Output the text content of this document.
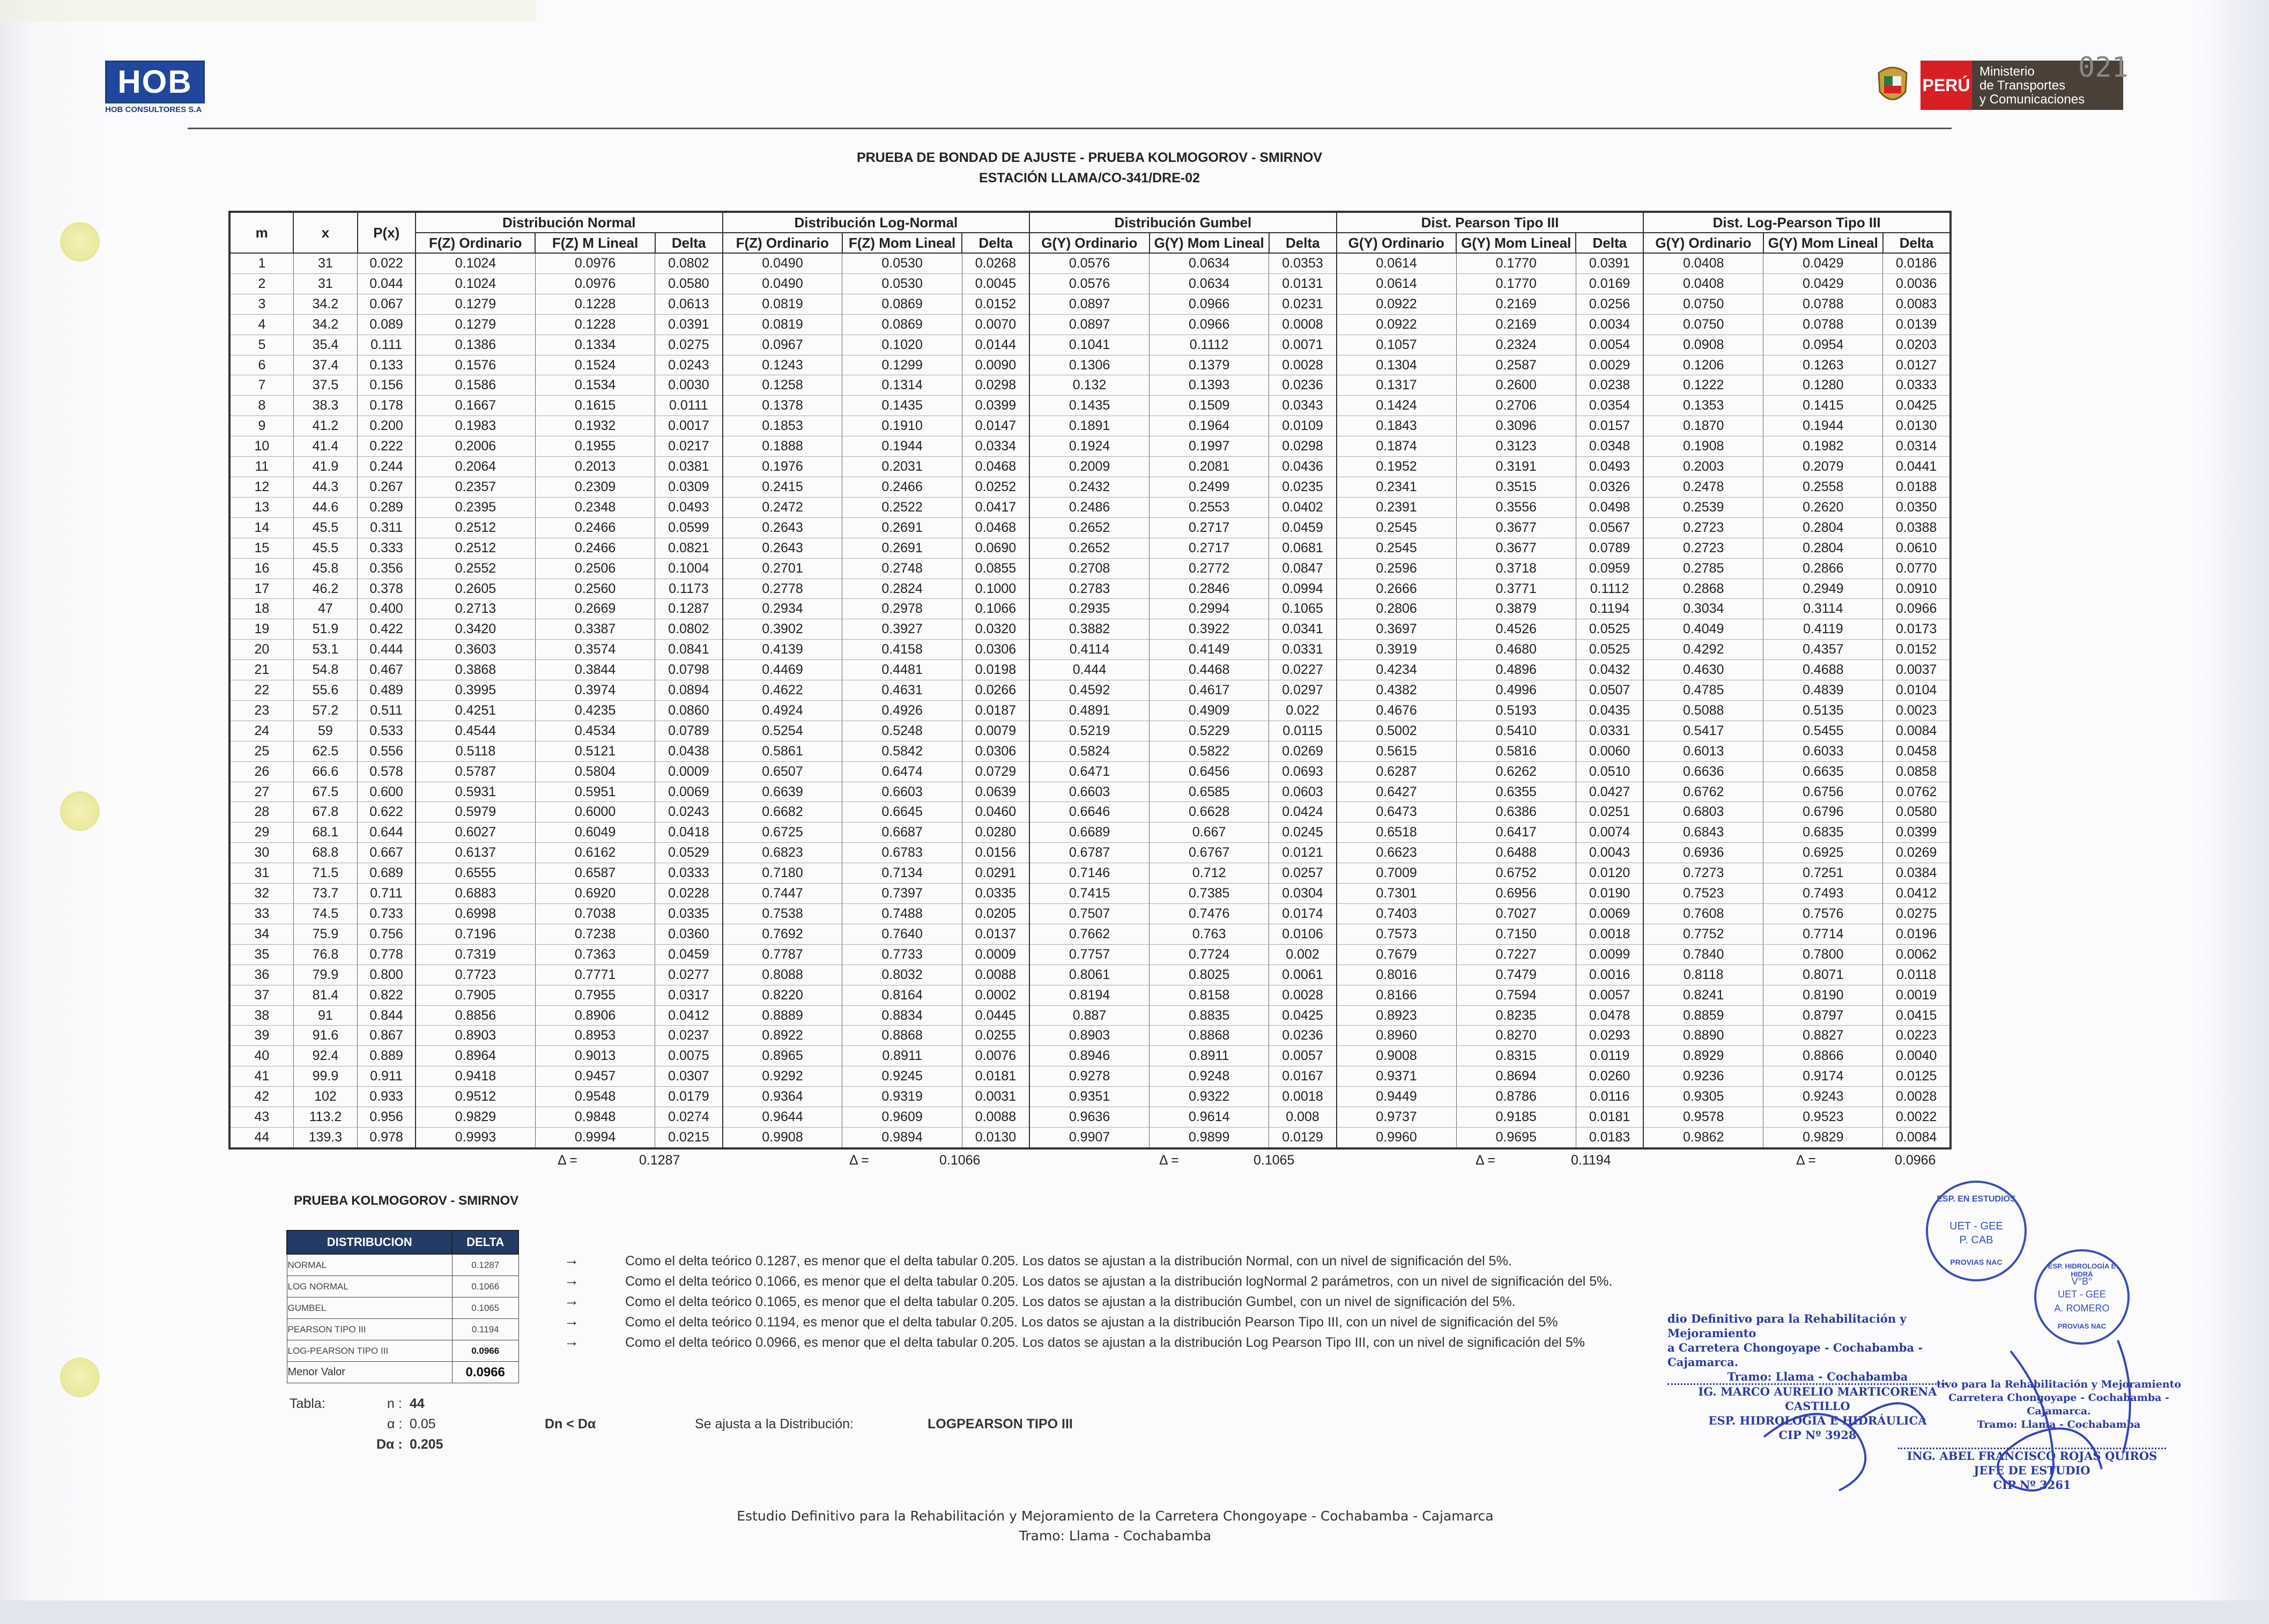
HOB
HOB CONSULTORES S.A
PERÚ
Ministerio
de Transportes
y Comunicaciones
021
PRUEBA DE BONDAD DE AJUSTE - PRUEBA KOLMOGOROV - SMIRNOV
ESTACIÓN LLAMA/CO-341/DRE-02
m	x	P(x)	Distribución Normal			Distribución Log-Normal			Distribución Gumbel			Dist. Pearson Tipo III			Dist. Log-Pearson Tipo III		
			F(Z) Ordinario	F(Z) M Lineal	Delta	F(Z) Ordinario	F(Z) Mom Lineal	Delta	G(Y) Ordinario	G(Y) Mom Lineal	Delta	G(Y) Ordinario	G(Y) Mom Lineal	Delta	G(Y) Ordinario	G(Y) Mom Lineal	Delta
1	31	0.022	0.1024	0.0976	0.0802	0.0490	0.0530	0.0268	0.0576	0.0634	0.0353	0.0614	0.1770	0.0391	0.0408	0.0429	0.0186
2	31	0.044	0.1024	0.0976	0.0580	0.0490	0.0530	0.0045	0.0576	0.0634	0.0131	0.0614	0.1770	0.0169	0.0408	0.0429	0.0036
3	34.2	0.067	0.1279	0.1228	0.0613	0.0819	0.0869	0.0152	0.0897	0.0966	0.0231	0.0922	0.2169	0.0256	0.0750	0.0788	0.0083
4	34.2	0.089	0.1279	0.1228	0.0391	0.0819	0.0869	0.0070	0.0897	0.0966	0.0008	0.0922	0.2169	0.0034	0.0750	0.0788	0.0139
5	35.4	0.111	0.1386	0.1334	0.0275	0.0967	0.1020	0.0144	0.1041	0.1112	0.0071	0.1057	0.2324	0.0054	0.0908	0.0954	0.0203
6	37.4	0.133	0.1576	0.1524	0.0243	0.1243	0.1299	0.0090	0.1306	0.1379	0.0028	0.1304	0.2587	0.0029	0.1206	0.1263	0.0127
7	37.5	0.156	0.1586	0.1534	0.0030	0.1258	0.1314	0.0298	0.132	0.1393	0.0236	0.1317	0.2600	0.0238	0.1222	0.1280	0.0333
8	38.3	0.178	0.1667	0.1615	0.0111	0.1378	0.1435	0.0399	0.1435	0.1509	0.0343	0.1424	0.2706	0.0354	0.1353	0.1415	0.0425
9	41.2	0.200	0.1983	0.1932	0.0017	0.1853	0.1910	0.0147	0.1891	0.1964	0.0109	0.1843	0.3096	0.0157	0.1870	0.1944	0.0130
10	41.4	0.222	0.2006	0.1955	0.0217	0.1888	0.1944	0.0334	0.1924	0.1997	0.0298	0.1874	0.3123	0.0348	0.1908	0.1982	0.0314
11	41.9	0.244	0.2064	0.2013	0.0381	0.1976	0.2031	0.0468	0.2009	0.2081	0.0436	0.1952	0.3191	0.0493	0.2003	0.2079	0.0441
12	44.3	0.267	0.2357	0.2309	0.0309	0.2415	0.2466	0.0252	0.2432	0.2499	0.0235	0.2341	0.3515	0.0326	0.2478	0.2558	0.0188
13	44.6	0.289	0.2395	0.2348	0.0493	0.2472	0.2522	0.0417	0.2486	0.2553	0.0402	0.2391	0.3556	0.0498	0.2539	0.2620	0.0350
14	45.5	0.311	0.2512	0.2466	0.0599	0.2643	0.2691	0.0468	0.2652	0.2717	0.0459	0.2545	0.3677	0.0567	0.2723	0.2804	0.0388
15	45.5	0.333	0.2512	0.2466	0.0821	0.2643	0.2691	0.0690	0.2652	0.2717	0.0681	0.2545	0.3677	0.0789	0.2723	0.2804	0.0610
16	45.8	0.356	0.2552	0.2506	0.1004	0.2701	0.2748	0.0855	0.2708	0.2772	0.0847	0.2596	0.3718	0.0959	0.2785	0.2866	0.0770
17	46.2	0.378	0.2605	0.2560	0.1173	0.2778	0.2824	0.1000	0.2783	0.2846	0.0994	0.2666	0.3771	0.1112	0.2868	0.2949	0.0910
18	47	0.400	0.2713	0.2669	0.1287	0.2934	0.2978	0.1066	0.2935	0.2994	0.1065	0.2806	0.3879	0.1194	0.3034	0.3114	0.0966
19	51.9	0.422	0.3420	0.3387	0.0802	0.3902	0.3927	0.0320	0.3882	0.3922	0.0341	0.3697	0.4526	0.0525	0.4049	0.4119	0.0173
20	53.1	0.444	0.3603	0.3574	0.0841	0.4139	0.4158	0.0306	0.4114	0.4149	0.0331	0.3919	0.4680	0.0525	0.4292	0.4357	0.0152
21	54.8	0.467	0.3868	0.3844	0.0798	0.4469	0.4481	0.0198	0.444	0.4468	0.0227	0.4234	0.4896	0.0432	0.4630	0.4688	0.0037
22	55.6	0.489	0.3995	0.3974	0.0894	0.4622	0.4631	0.0266	0.4592	0.4617	0.0297	0.4382	0.4996	0.0507	0.4785	0.4839	0.0104
23	57.2	0.511	0.4251	0.4235	0.0860	0.4924	0.4926	0.0187	0.4891	0.4909	0.022	0.4676	0.5193	0.0435	0.5088	0.5135	0.0023
24	59	0.533	0.4544	0.4534	0.0789	0.5254	0.5248	0.0079	0.5219	0.5229	0.0115	0.5002	0.5410	0.0331	0.5417	0.5455	0.0084
25	62.5	0.556	0.5118	0.5121	0.0438	0.5861	0.5842	0.0306	0.5824	0.5822	0.0269	0.5615	0.5816	0.0060	0.6013	0.6033	0.0458
26	66.6	0.578	0.5787	0.5804	0.0009	0.6507	0.6474	0.0729	0.6471	0.6456	0.0693	0.6287	0.6262	0.0510	0.6636	0.6635	0.0858
27	67.5	0.600	0.5931	0.5951	0.0069	0.6639	0.6603	0.0639	0.6603	0.6585	0.0603	0.6427	0.6355	0.0427	0.6762	0.6756	0.0762
28	67.8	0.622	0.5979	0.6000	0.0243	0.6682	0.6645	0.0460	0.6646	0.6628	0.0424	0.6473	0.6386	0.0251	0.6803	0.6796	0.0580
29	68.1	0.644	0.6027	0.6049	0.0418	0.6725	0.6687	0.0280	0.6689	0.667	0.0245	0.6518	0.6417	0.0074	0.6843	0.6835	0.0399
30	68.8	0.667	0.6137	0.6162	0.0529	0.6823	0.6783	0.0156	0.6787	0.6767	0.0121	0.6623	0.6488	0.0043	0.6936	0.6925	0.0269
31	71.5	0.689	0.6555	0.6587	0.0333	0.7180	0.7134	0.0291	0.7146	0.712	0.0257	0.7009	0.6752	0.0120	0.7273	0.7251	0.0384
32	73.7	0.711	0.6883	0.6920	0.0228	0.7447	0.7397	0.0335	0.7415	0.7385	0.0304	0.7301	0.6956	0.0190	0.7523	0.7493	0.0412
33	74.5	0.733	0.6998	0.7038	0.0335	0.7538	0.7488	0.0205	0.7507	0.7476	0.0174	0.7403	0.7027	0.0069	0.7608	0.7576	0.0275
34	75.9	0.756	0.7196	0.7238	0.0360	0.7692	0.7640	0.0137	0.7662	0.763	0.0106	0.7573	0.7150	0.0018	0.7752	0.7714	0.0196
35	76.8	0.778	0.7319	0.7363	0.0459	0.7787	0.7733	0.0009	0.7757	0.7724	0.002	0.7679	0.7227	0.0099	0.7840	0.7800	0.0062
36	79.9	0.800	0.7723	0.7771	0.0277	0.8088	0.8032	0.0088	0.8061	0.8025	0.0061	0.8016	0.7479	0.0016	0.8118	0.8071	0.0118
37	81.4	0.822	0.7905	0.7955	0.0317	0.8220	0.8164	0.0002	0.8194	0.8158	0.0028	0.8166	0.7594	0.0057	0.8241	0.8190	0.0019
38	91	0.844	0.8856	0.8906	0.0412	0.8889	0.8834	0.0445	0.887	0.8835	0.0425	0.8923	0.8235	0.0478	0.8859	0.8797	0.0415
39	91.6	0.867	0.8903	0.8953	0.0237	0.8922	0.8868	0.0255	0.8903	0.8868	0.0236	0.8960	0.8270	0.0293	0.8890	0.8827	0.0223
40	92.4	0.889	0.8964	0.9013	0.0075	0.8965	0.8911	0.0076	0.8946	0.8911	0.0057	0.9008	0.8315	0.0119	0.8929	0.8866	0.0040
41	99.9	0.911	0.9418	0.9457	0.0307	0.9292	0.9245	0.0181	0.9278	0.9248	0.0167	0.9371	0.8694	0.0260	0.9236	0.9174	0.0125
42	102	0.933	0.9512	0.9548	0.0179	0.9364	0.9319	0.0031	0.9351	0.9322	0.0018	0.9449	0.8786	0.0116	0.9305	0.9243	0.0028
43	113.2	0.956	0.9829	0.9848	0.0274	0.9644	0.9609	0.0088	0.9636	0.9614	0.008	0.9737	0.9185	0.0181	0.9578	0.9523	0.0022
44	139.3	0.978	0.9993	0.9994	0.0215	0.9908	0.9894	0.0130	0.9907	0.9899	0.0129	0.9960	0.9695	0.0183	0.9862	0.9829	0.0084
Δ =	0.1287	Δ =	0.1066	Δ =	0.1065	Δ =	0.1194	Δ =	0.0966
PRUEBA KOLMOGOROV - SMIRNOV
DISTRIBUCION	DELTA
NORMAL	0.1287
LOG NORMAL	0.1066
GUMBEL	0.1065
PEARSON TIPO III	0.1194
LOG-PEARSON TIPO III	0.0966
Menor Valor	0.0966
→	Como el delta teórico 0.1287, es menor que el delta tabular 0.205. Los datos se ajustan a la distribución Normal, con un nivel de significación del 5%.
→	Como el delta teórico 0.1066, es menor que el delta tabular 0.205. Los datos se ajustan a la distribución logNormal 2 parámetros, con un nivel de significación del 5%.
→	Como el delta teórico 0.1065, es menor que el delta tabular 0.205. Los datos se ajustan a la distribución Gumbel, con un nivel de significación del 5%.
→	Como el delta teórico 0.1194, es menor que el delta tabular 0.205. Los datos se ajustan a la distribución Pearson Tipo III, con un nivel de significación del 5%
→	Como el delta teórico 0.0966, es menor que el delta tabular 0.205. Los datos se ajustan a la distribución Log Pearson Tipo III, con un nivel de significación del 5%
Tabla:	n : 44
α : 0.05
Dα : 0.205
Dn < Dα	Se ajusta a la Distribución:	LOGPEARSON TIPO III
ESP. EN ESTUDIOS
UET - GEE
P. CAB
PROVIAS NAC	ESP. HIDROLOGÍA E HIDRÁ
V°B°
UET - GEE
A. ROMERO
PROVIAS NAC
dio Definitivo para la Rehabilitación y Mejoramiento
a Carretera Chongoyape - Cochabamba - Cajamarca.
Tramo: Llama - Cochabamba
IG. MARCO AURELIO MARTICORENA CASTILLO
ESP. HIDROLOGÍA E HIDRÁULICA
CIP Nº 3928
tivo para la Rehabilitación y Mejoramiento
Carretera Chongoyape - Cochabamba - Cajamarca.
Tramo: Llama - Cochabamba
ING. ABEL FRANCISCO ROJAS QUIROS
JEFE DE ESTUDIO
CIP Nº 3261
Estudio Definitivo para la Rehabilitación y Mejoramiento de la Carretera Chongoyape - Cochabamba - Cajamarca
Tramo: Llama - Cochabamba
